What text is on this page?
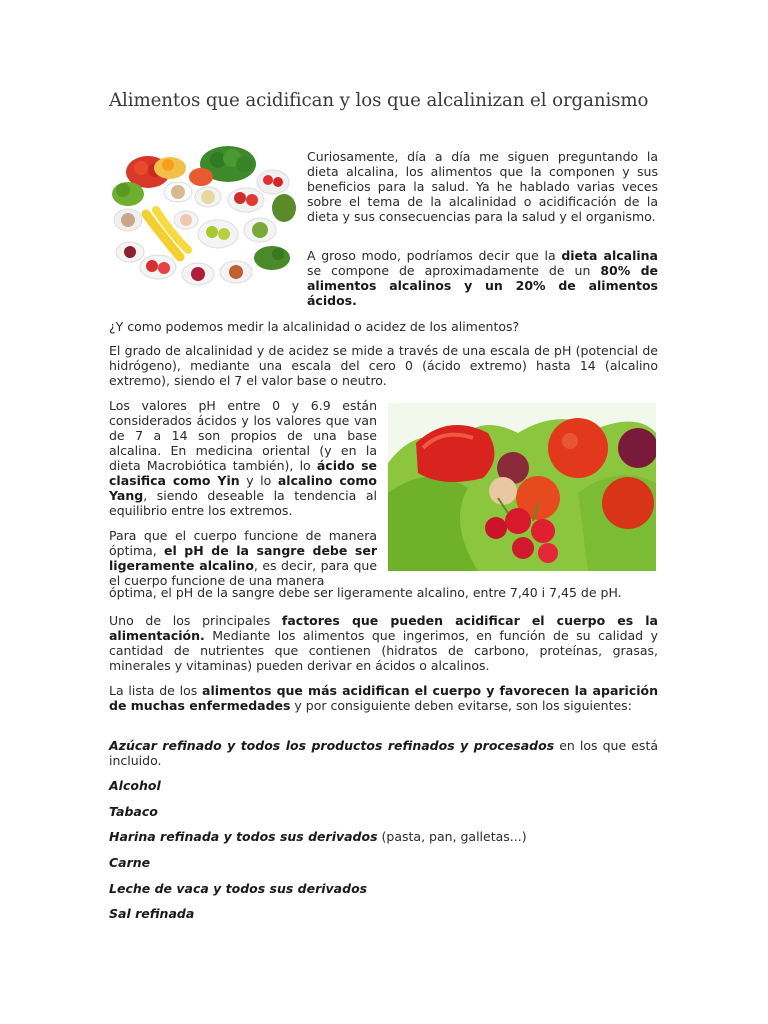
Alimentos que acidifican y los que alcalinizan el organismo

Curiosamente, día a día me siguen preguntando la dieta alcalina, los alimentos que la componen y sus beneficios para la salud. Ya he hablado varias veces sobre el tema de la alcalinidad o acidificación de la dieta y sus consecuencias para la salud y el organismo.

A groso modo, podríamos decir que la dieta alcalina se compone de aproximadamente de un 80% de alimentos alcalinos y un 20% de alimentos ácidos.

¿Y como podemos medir la alcalinidad o acidez de los alimentos?

El grado de alcalinidad y de acidez se mide a través de una escala de pH (potencial de hidrógeno), mediante una escala del cero 0 (ácido extremo) hasta 14 (alcalino extremo), siendo el 7 el valor base o neutro.

Los valores pH entre 0 y 6.9 están considerados ácidos y los valores que van de 7 a 14 son propios de una base alcalina. En medicina oriental (y en la dieta Macrobiótica también), lo ácido se clasifica como Yin y lo alcalino como Yang, siendo deseable la tendencia al equilibrio entre los extremos.

Para que el cuerpo funcione de manera óptima, el pH de la sangre debe ser ligeramente alcalino, es decir, para que el cuerpo funcione de una manera

óptima, el pH de la sangre debe ser ligeramente alcalino, entre 7,40 i 7,45 de pH.

Uno de los principales factores que pueden acidificar el cuerpo es la alimentación. Mediante los alimentos que ingerimos, en función de su calidad y cantidad de nutrientes que contienen (hidratos de carbono, proteínas, grasas, minerales y vitaminas) pueden derivar en ácidos o alcalinos.

La lista de los alimentos que más acidifican el cuerpo y favorecen la aparición de muchas enfermedades y por consiguiente deben evitarse, son los siguientes:

Azúcar refinado y todos los productos refinados y procesados en los que está incluido.

Alcohol

Tabaco

Harina refinada y todos sus derivados (pasta, pan, galletas...)

Carne

Leche de vaca y todos sus derivados

Sal refinada
